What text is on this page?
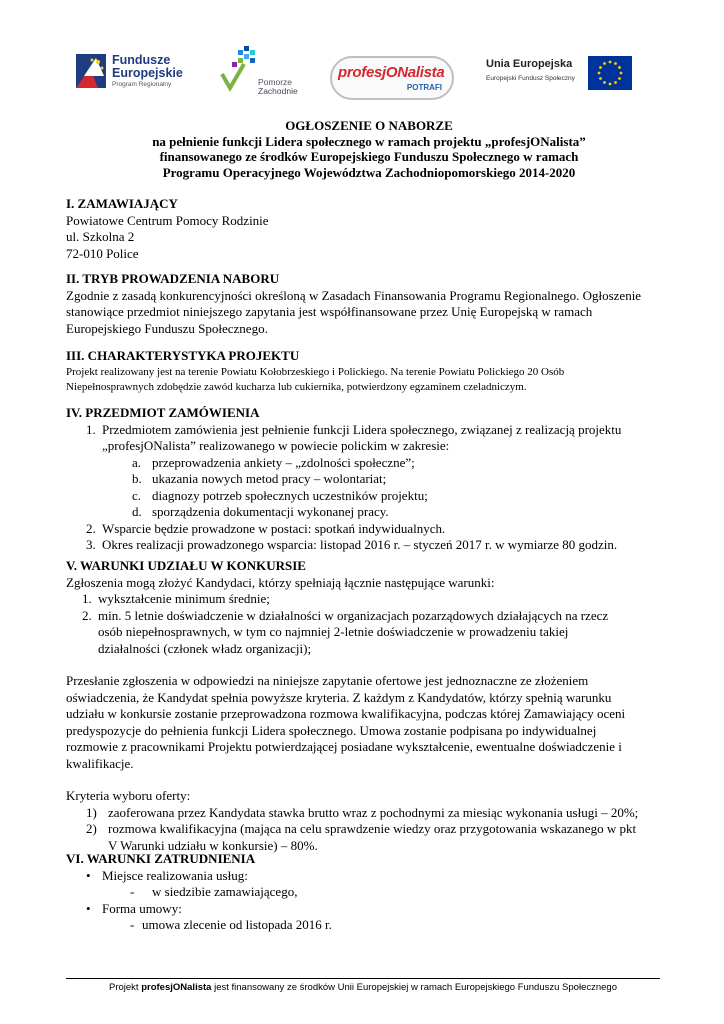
Fundusze Europejskie
Program Regionalny	Pomorze
Zachodnie
profesjONalista
POTRAFI
Unia Europejska
Europejski Fundusz Społeczny
OGŁOSZENIE O NABORZE
na pełnienie funkcji Lidera społecznego w ramach projektu „profesjONalista”
finansowanego ze środków Europejskiego Funduszu Społecznego w ramach
Programu Operacyjnego Województwa Zachodniopomorskiego 2014-2020
I. ZAMAWIAJĄCY
Powiatowe Centrum Pomocy Rodzinie
ul. Szkolna 2
72-010 Police
II. TRYB PROWADZENIA NABORU
Zgodnie z zasadą konkurencyjności określoną w Zasadach Finansowania Programu Regionalnego. Ogłoszenie
stanowiące przedmiot niniejszego zapytania jest współfinansowane przez Unię Europejską w ramach
Europejskiego Funduszu Społecznego.
III. CHARAKTERYSTYKA PROJEKTU
Projekt realizowany jest na terenie Powiatu Kołobrzeskiego i Polickiego. Na terenie Powiatu Polickiego 20 Osób
Niepełnosprawnych zdobędzie zawód kucharza lub cukiernika, potwierdzony egzaminem czeladniczym.
IV. PRZEDMIOT ZAMÓWIENIA
1. Przedmiotem zamówienia jest pełnienie funkcji Lidera społecznego, związanej z realizacją projektu
„profesjONalista” realizowanego w powiecie polickim w zakresie:
a. przeprowadzenia ankiety – „zdolności społeczne”;
b. ukazania nowych metod pracy – wolontariat;
c. diagnozy potrzeb społecznych uczestników projektu;
d. sporządzenia dokumentacji wykonanej pracy.
2. Wsparcie będzie prowadzone w postaci: spotkań indywidualnych.
3. Okres realizacji prowadzonego wsparcia: listopad 2016 r. – styczeń 2017 r. w wymiarze 80 godzin.
V. WARUNKI UDZIAŁU W KONKURSIE
Zgłoszenia mogą złożyć Kandydaci, którzy spełniają łącznie następujące warunki:
1. wykształcenie minimum średnie;
2. min. 5 letnie doświadczenie w działalności w organizacjach pozarządowych działających na rzecz
osób niepełnosprawnych, w tym co najmniej 2-letnie doświadczenie w prowadzeniu takiej
działalności (członek władz organizacji);
Przesłanie zgłoszenia w odpowiedzi na niniejsze zapytanie ofertowe jest jednoznaczne ze złożeniem
oświadczenia, że Kandydat spełnia powyższe kryteria. Z każdym z Kandydatów, którzy spełnią warunku
udziału w konkursie zostanie przeprowadzona rozmowa kwalifikacyjna, podczas której Zamawiający oceni
predyspozycje do pełnienia funkcji Lidera społecznego. Umowa zostanie podpisana po indywidualnej
rozmowie z pracownikami Projektu potwierdzającej posiadane wykształcenie, ewentualne doświadczenie i
kwalifikacje.
Kryteria wyboru oferty:
1) zaoferowana przez Kandydata stawka brutto wraz z pochodnymi za miesiąc wykonania usługi – 20%;
2) rozmowa kwalifikacyjna (mająca na celu sprawdzenie wiedzy oraz przygotowania wskazanego w pkt
V Warunki udziału w konkursie) – 80%.
VI. WARUNKI ZATRUDNIENIA
• Miejsce realizowania usług:
- w siedzibie zamawiającego,
• Forma umowy:
- umowa zlecenie od listopada 2016 r.
Projekt profesjONalista jest finansowany ze środków Unii Europejskiej w ramach Europejskiego Funduszu Społecznego
